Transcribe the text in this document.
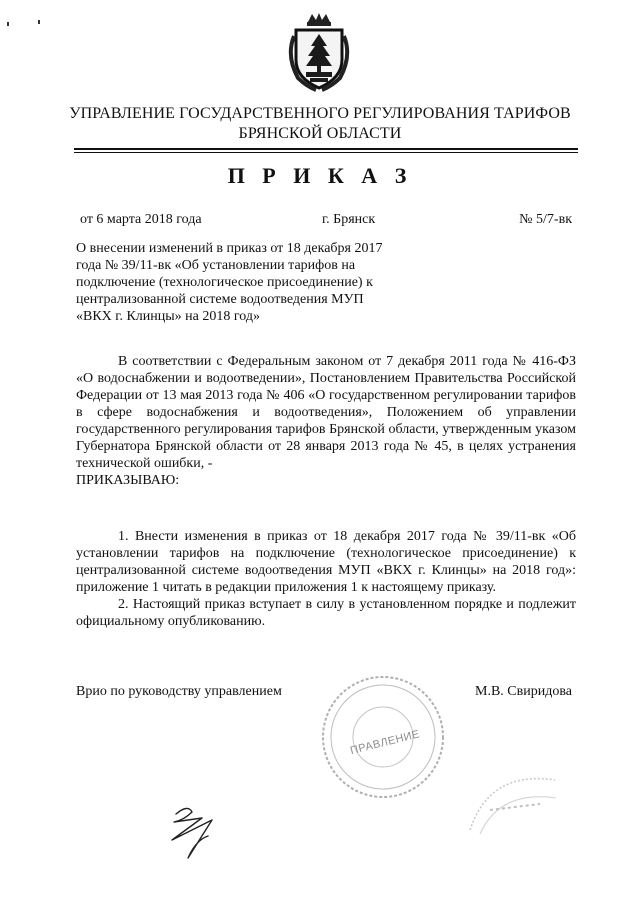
УПРАВЛЕНИЕ ГОСУДАРСТВЕННОГО РЕГУЛИРОВАНИЯ ТАРИФОВ
БРЯНСКОЙ ОБЛАСТИ
П Р И К А З
от 6 марта 2018 года	г. Брянск	№ 5/7-вк
О внесении изменений в приказ от 18 декабря 2017
года № 39/11-вк «Об установлении тарифов на
подключение (технологическое присоединение) к
централизованной системе водоотведения МУП
«ВКХ г. Клинцы» на 2018 год»

В соответствии с Федеральным законом от 7 декабря 2011 года № 416-ФЗ «О водоснабжении и водоотведении», Постановлением Правительства Российской Федерации от 13 мая 2013 года № 406 «О государственном регулировании тарифов в сфере водоснабжения и водоотведения», Положением об управлении государственного регулирования тарифов Брянской области, утвержденным указом Губернатора Брянской области от 28 января 2013 года № 45, в целях устранения технической ошибки, -

ПРИКАЗЫВАЮ:

1. Внести изменения в приказ от 18 декабря 2017 года № 39/11-вк «Об установлении тарифов на подключение (технологическое присоединение) к централизованной системе водоотведения МУП «ВКХ г. Клинцы» на 2018 год»: приложение 1 читать в редакции приложения 1 к настоящему приказу.

2. Настоящий приказ вступает в силу в установленном порядке и подлежит официальному опубликованию.

Врио по руководству управлением	М.В. Свиридова
ПРАВЛЕНИЕ
